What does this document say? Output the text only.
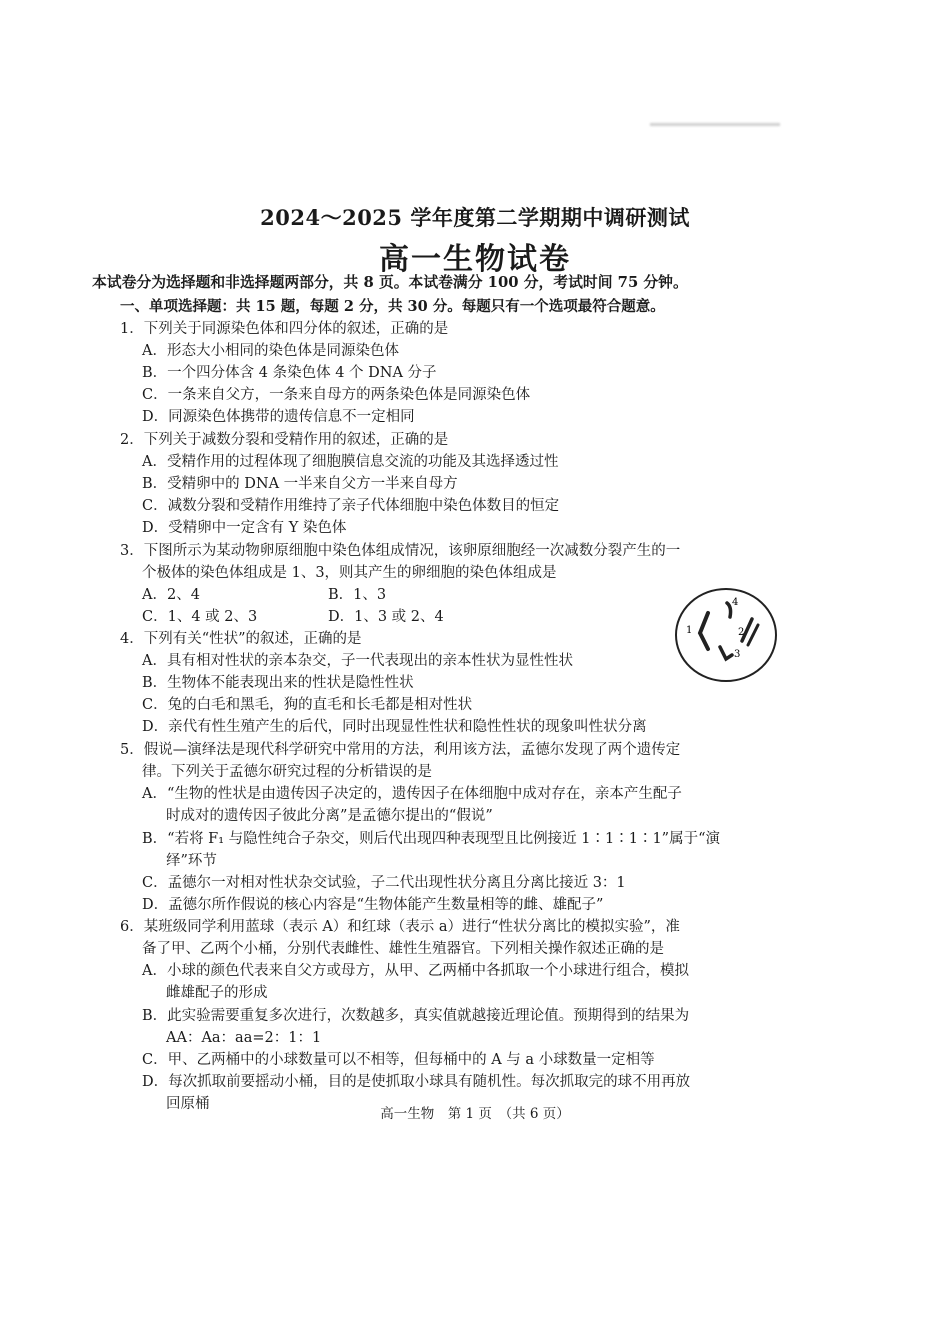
2024～2025 学年度第二学期期中调研测试
高一生物试卷
本试卷分为选择题和非选择题两部分，共 8 页。本试卷满分 100 分，考试时间 75 分钟。
一、单项选择题：共 15 题，每题 2 分，共 30 分。每题只有一个选项最符合题意。
1．下列关于同源染色体和四分体的叙述，正确的是
A．形态大小相同的染色体是同源染色体
B．一个四分体含 4 条染色体 4 个 DNA 分子
C．一条来自父方，一条来自母方的两条染色体是同源染色体
D．同源染色体携带的遗传信息不一定相同
2．下列关于减数分裂和受精作用的叙述，正确的是
A．受精作用的过程体现了细胞膜信息交流的功能及其选择透过性
B．受精卵中的 DNA 一半来自父方一半来自母方
C．减数分裂和受精作用维持了亲子代体细胞中染色体数目的恒定
D．受精卵中一定含有 Y 染色体
3．下图所示为某动物卵原细胞中染色体组成情况，该卵原细胞经一次减数分裂产生的一
个极体的染色体组成是 1、3，则其产生的卵细胞的染色体组成是
A．2、4	B．1、3
C．1、4 或 2、3	D．1、3 或 2、4
4．下列有关“性状”的叙述，正确的是
A．具有相对性状的亲本杂交，子一代表现出的亲本性状为显性性状
B．生物体不能表现出来的性状是隐性性状
C．兔的白毛和黑毛，狗的直毛和长毛都是相对性状
D．亲代有性生殖产生的后代，同时出现显性性状和隐性性状的现象叫性状分离
5．假说—演绎法是现代科学研究中常用的方法，利用该方法，孟德尔发现了两个遗传定
律。下列关于孟德尔研究过程的分析错误的是
A．“生物的性状是由遗传因子决定的，遗传因子在体细胞中成对存在，亲本产生配子
时成对的遗传因子彼此分离”是孟德尔提出的“假说”
B．“若将 F₁ 与隐性纯合子杂交，则后代出现四种表现型且比例接近 1∶1∶1∶1”属于“演
绎”环节
C．孟德尔一对相对性状杂交试验，子二代出现性状分离且分离比接近 3：1
D．孟德尔所作假说的核心内容是“生物体能产生数量相等的雌、雄配子”
6．某班级同学利用蓝球（表示 A）和红球（表示 a）进行“性状分离比的模拟实验”，准
备了甲、乙两个小桶，分别代表雌性、雄性生殖器官。下列相关操作叙述正确的是
A．小球的颜色代表来自父方或母方，从甲、乙两桶中各抓取一个小球进行组合，模拟
雌雄配子的形成
B．此实验需要重复多次进行，次数越多，真实值就越接近理论值。预期得到的结果为
AA：Aa：aa=2：1：1
C．甲、乙两桶中的小球数量可以不相等，但每桶中的 A 与 a 小球数量一定相等
D．每次抓取前要摇动小桶，目的是使抓取小球具有随机性。每次抓取完的球不用再放
回原桶
高一生物　第 1 页　（共 6 页）
1	2
3
4
